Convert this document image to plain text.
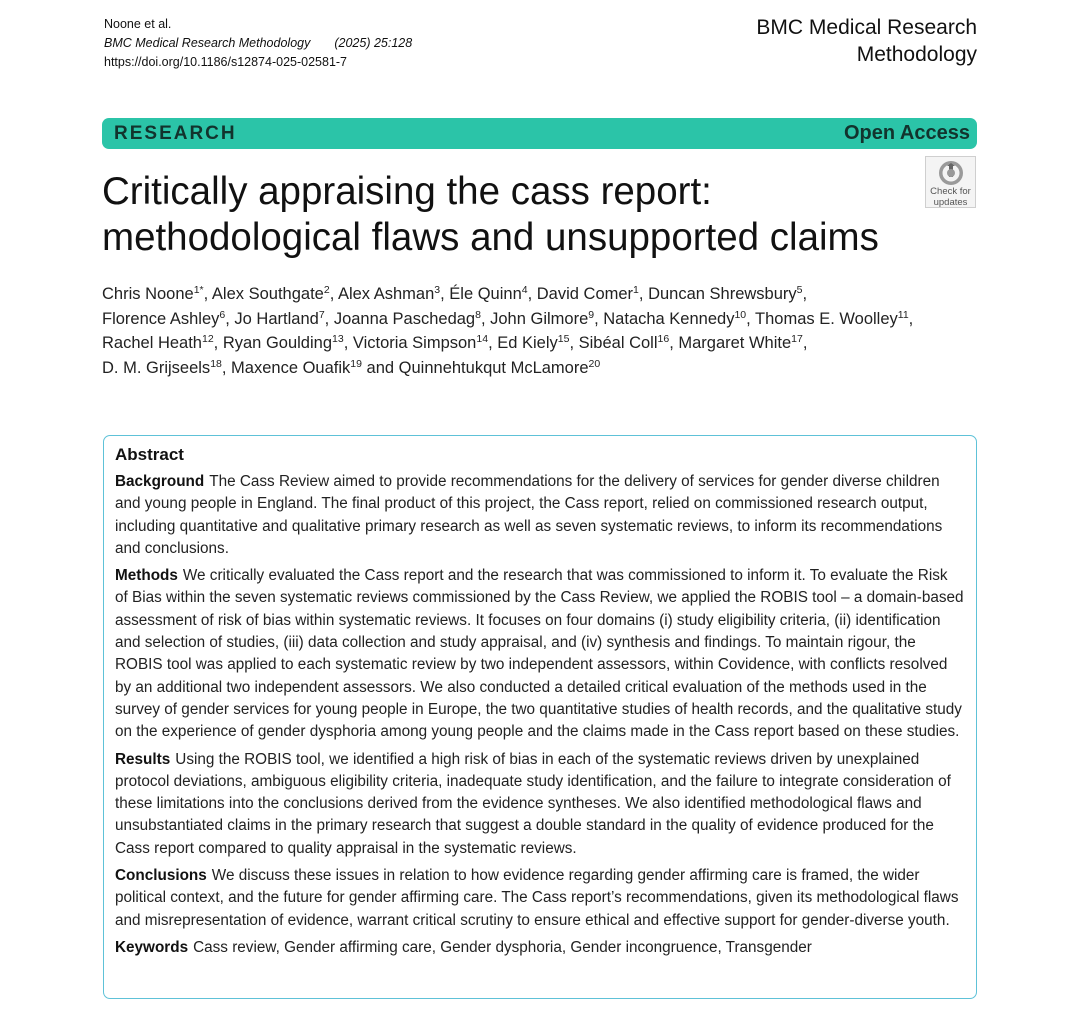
Noone et al.
BMC Medical Research Methodology (2025) 25:128
https://doi.org/10.1186/s12874-025-02581-7
BMC Medical Research
Methodology
RESEARCH	Open Access
Check for
updates
Critically appraising the cass report:
methodological flaws and unsupported claims
Chris Noone$^{1*}$, Alex Southgate$^2$, Alex Ashman$^3$, Éle Quinn$^4$, David Comer$^1$, Duncan Shrewsbury$^5$,
Florence Ashley$^6$, Jo Hartland$^7$, Joanna Paschedag$^8$, John Gilmore$^9$, Natacha Kennedy$^{10}$, Thomas E. Woolley$^{11}$,
Rachel Heath$^{12}$, Ryan Goulding$^{13}$, Victoria Simpson$^{14}$, Ed Kiely$^{15}$, Sibéal Coll$^{16}$, Margaret White$^{17}$,
D. M. Grijseels$^{18}$, Maxence Ouafik$^{19}$ and Quinnehtukqut McLamore$^{20}$
Abstract

Background The Cass Review aimed to provide recommendations for the delivery of services for gender diverse children and young people in England. The final product of this project, the Cass report, relied on commissioned research output, including quantitative and qualitative primary research as well as seven systematic reviews, to inform its recommendations and conclusions.

Methods We critically evaluated the Cass report and the research that was commissioned to inform it. To evaluate the Risk of Bias within the seven systematic reviews commissioned by the Cass Review, we applied the ROBIS tool – a domain-based assessment of risk of bias within systematic reviews. It focuses on four domains (i) study eligibility criteria, (ii) identification and selection of studies, (iii) data collection and study appraisal, and (iv) synthesis and findings. To maintain rigour, the ROBIS tool was applied to each systematic review by two independent assessors, within Covidence, with conflicts resolved by an additional two independent assessors. We also conducted a detailed critical evaluation of the methods used in the survey of gender services for young people in Europe, the two quantitative studies of health records, and the qualitative study on the experience of gender dysphoria among young people and the claims made in the Cass report based on these studies.

Results Using the ROBIS tool, we identified a high risk of bias in each of the systematic reviews driven by unexplained protocol deviations, ambiguous eligibility criteria, inadequate study identification, and the failure to integrate consideration of these limitations into the conclusions derived from the evidence syntheses. We also identified methodological flaws and unsubstantiated claims in the primary research that suggest a double standard in the quality of evidence produced for the Cass report compared to quality appraisal in the systematic reviews.

Conclusions We discuss these issues in relation to how evidence regarding gender affirming care is framed, the wider political context, and the future for gender affirming care. The Cass report’s recommendations, given its methodological flaws and misrepresentation of evidence, warrant critical scrutiny to ensure ethical and effective support for gender-diverse youth.

Keywords Cass review, Gender affirming care, Gender dysphoria, Gender incongruence, Transgender
